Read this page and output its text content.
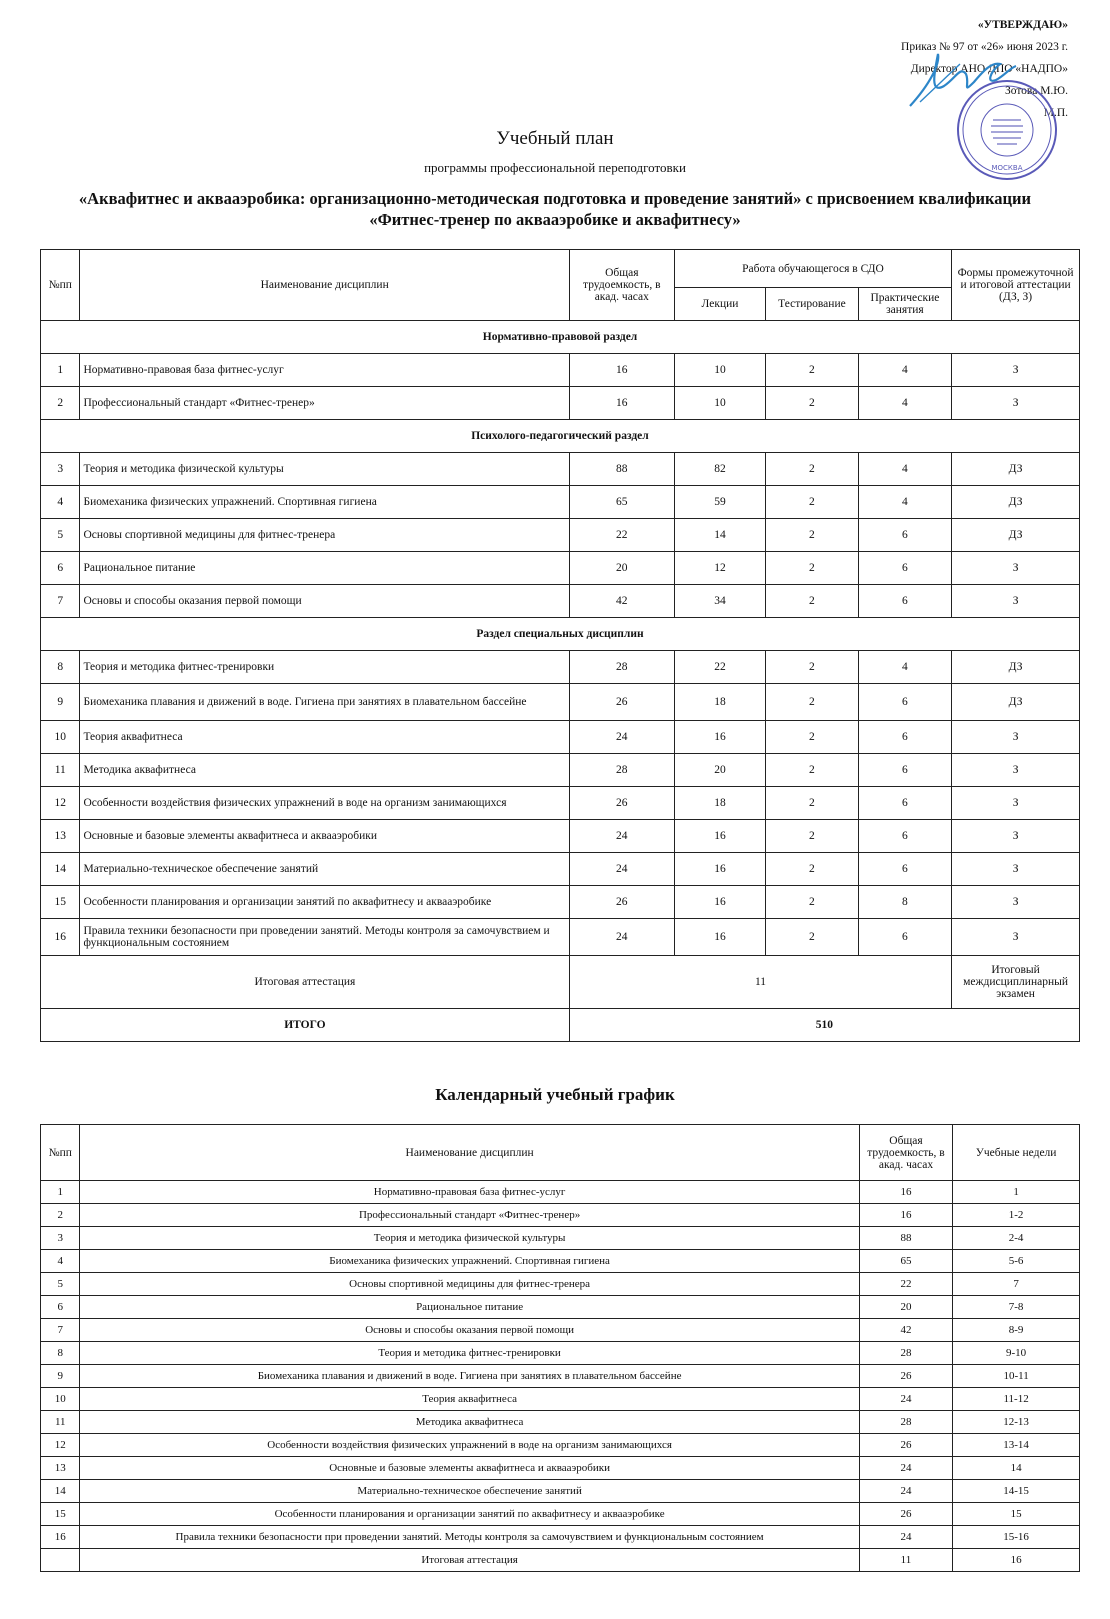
«УТВЕРЖДАЮ»
Приказ № 97 от «26» июня 2023 г.
Директор АНО ДПО «НАДПО»
Зотова М.Ю.
М.П.
МОСКВА
Учебный план
программы профессиональной переподготовки
«Аквафитнес и аквааэробика: организационно-методическая подготовка и проведение занятий» с присвоением квалификации
«Фитнес-тренер по аквааэробике и аквафитнесу»
№пп	Наименование дисциплин	Общая трудоемкость, в акад. часах	Работа обучающегося в СДО			Формы промежуточной и итоговой аттестации (ДЗ, З)
			Лекции	Тестирование	Практические занятия	
Нормативно-правовой раздел						
1	Нормативно-правовая база фитнес-услуг	16	10	2	4	З
2	Профессиональный стандарт «Фитнес-тренер»	16	10	2	4	З
Психолого-педагогический раздел						
3	Теория и методика физической культуры	88	82	2	4	ДЗ
4	Биомеханика физических упражнений. Спортивная гигиена	65	59	2	4	ДЗ
5	Основы спортивной медицины для фитнес-тренера	22	14	2	6	ДЗ
6	Рациональное питание	20	12	2	6	З
7	Основы и способы оказания первой помощи	42	34	2	6	З
Раздел специальных дисциплин						
8	Теория и методика фитнес-тренировки	28	22	2	4	ДЗ
9	Биомеханика плавания и движений в воде. Гигиена при занятиях в плавательном бассейне	26	18	2	6	ДЗ
10	Теория аквафитнеса	24	16	2	6	З
11	Методика аквафитнеса	28	20	2	6	З
12	Особенности воздействия физических упражнений в воде на организм занимающихся	26	18	2	6	З
13	Основные и базовые элементы аквафитнеса и аквааэробики	24	16	2	6	З
14	Материально-техническое обеспечение занятий	24	16	2	6	З
15	Особенности планирования и организации занятий по аквафитнесу и аквааэробике	26	16	2	8	З
16	Правила техники безопасности при проведении занятий. Методы контроля за самочувствием и функциональным состоянием	24	16	2	6	З
Итоговая аттестация		11				Итоговый междисциплинарный экзамен
ИТОГО		510				
Календарный учебный график
№пп	Наименование дисциплин	Общая трудоемкость, в акад. часах	Учебные недели
1	Нормативно-правовая база фитнес-услуг	16	1
2	Профессиональный стандарт «Фитнес-тренер»	16	1-2
3	Теория и методика физической культуры	88	2-4
4	Биомеханика физических упражнений. Спортивная гигиена	65	5-6
5	Основы спортивной медицины для фитнес-тренера	22	7
6	Рациональное питание	20	7-8
7	Основы и способы оказания первой помощи	42	8-9
8	Теория и методика фитнес-тренировки	28	9-10
9	Биомеханика плавания и движений в воде. Гигиена при занятиях в плавательном бассейне	26	10-11
10	Теория аквафитнеса	24	11-12
11	Методика аквафитнеса	28	12-13
12	Особенности воздействия физических упражнений в воде на организм занимающихся	26	13-14
13	Основные и базовые элементы аквафитнеса и аквааэробики	24	14
14	Материально-техническое обеспечение занятий	24	14-15
15	Особенности планирования и организации занятий по аквафитнесу и аквааэробике	26	15
16	Правила техники безопасности при проведении занятий. Методы контроля за самочувствием и функциональным состоянием	24	15-16
	Итоговая аттестация	11	16
